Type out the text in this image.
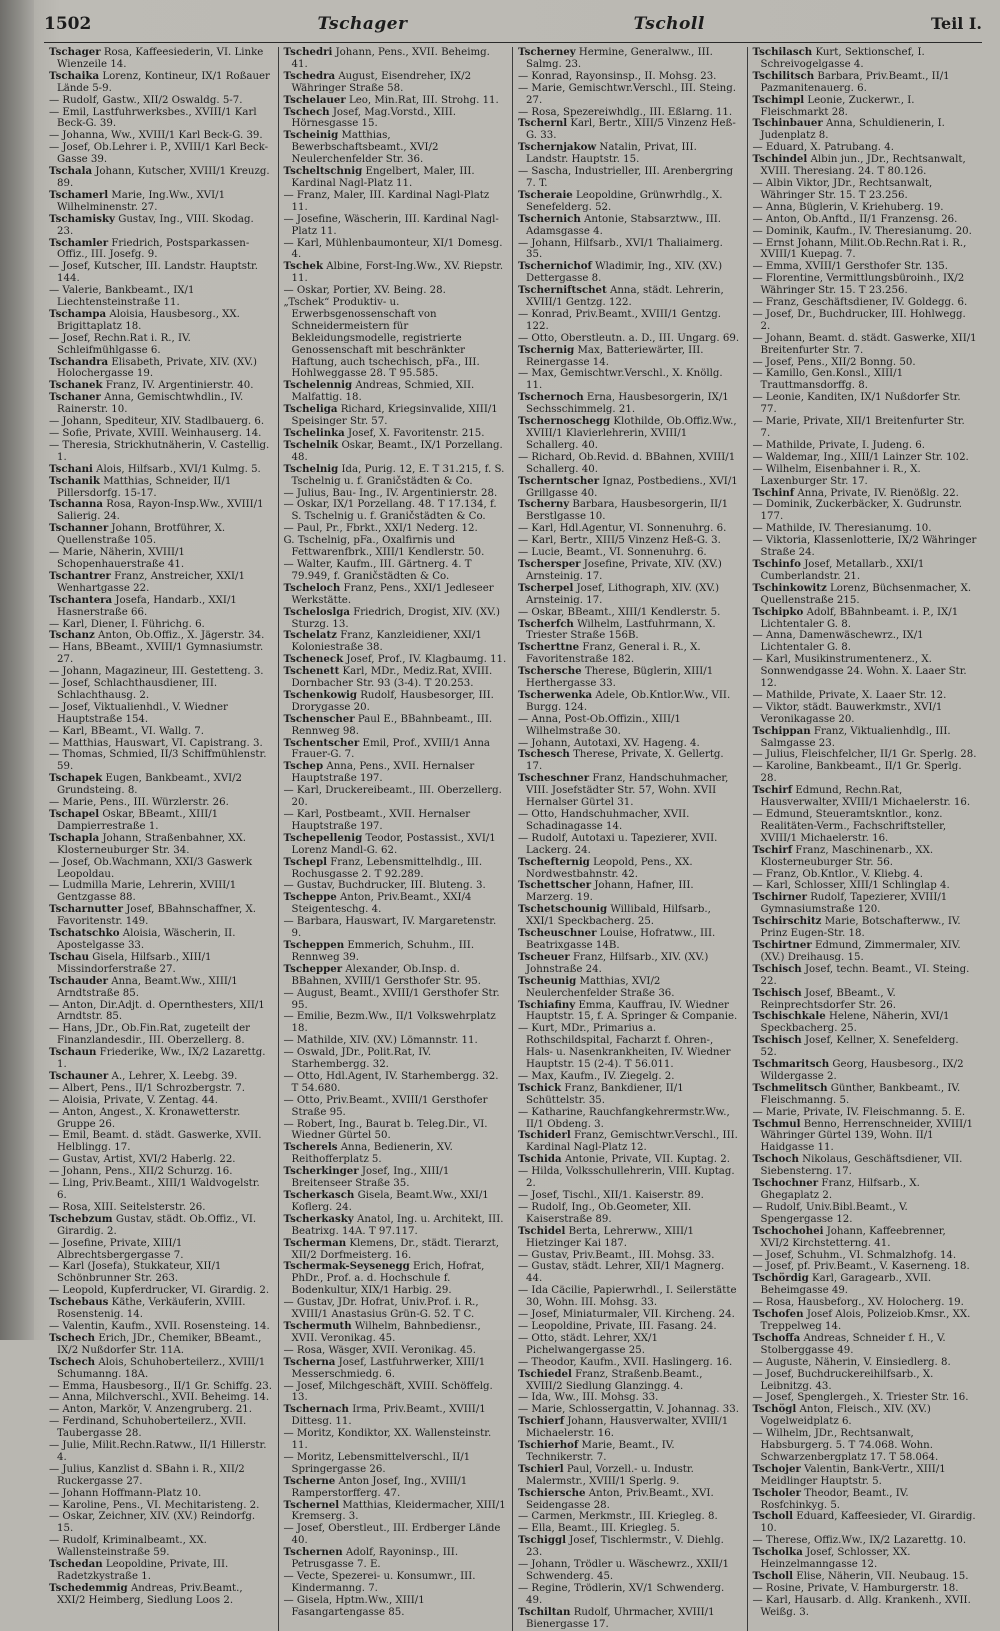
1502	Tschager	Tscholl	Teil I.

Tschager Rosa, Kaffeesiederin, VI. Linke Wienzeile 14.

Tschaika Lorenz, Kontineur, IX/1 Roßauer Lände 5-9.

— Rudolf, Gastw., XII/2 Oswaldg. 5-7.

— Emil, Lastfuhrwerksbes., XVIII/1 Karl Beck-G. 39.

— Johanna, Ww., XVIII/1 Karl Beck-G. 39.

— Josef, Ob.Lehrer i. P., XVIII/1 Karl Beck-Gasse 39.

Tschala Johann, Kutscher, XVIII/1 Kreuzg. 89.

Tschamerl Marie, Ing.Ww., XVI/1 Wilhelminenstr. 27.

Tschamisky Gustav, Ing., VIII. Skodag. 23.

Tschamler Friedrich, Postsparkassen-Offiz., III. Josefg. 9.

— Josef, Kutscher, III. Landstr. Hauptstr. 144.

— Valerie, Bankbeamt., IX/1 Liechtensteinstraße 11.

Tschampa Aloisia, Hausbesorg., XX. Brigittaplatz 18.

— Josef, Rechn.Rat i. R., IV. Schleifmühlgasse 6.

Tschandra Elisabeth, Private, XIV. (XV.) Holochergasse 19.

Tschanek Franz, IV. Argentinierstr. 40.

Tschaner Anna, Gemischtwhdlin., IV. Rainerstr. 10.

— Johann, Spediteur, XIV. Stadlbauerg. 6.

— Sofie, Private, XVIII. Weinhauserg. 14.

— Theresia, Strickhutnäherin, V. Castellig. 1.

Tschani Alois, Hilfsarb., XVI/1 Kulmg. 5.

Tschanik Matthias, Schneider, II/1 Pillersdorfg. 15-17.

Tschanna Rosa, Rayon-Insp.Ww., XVIII/1 Salierig. 24.

Tschanner Johann, Brotführer, X. Quellenstraße 105.

— Marie, Näherin, XVIII/1 Schopenhauerstraße 41.

Tschantrer Franz, Anstreicher, XXI/1 Wenhartgasse 22.

Tschantera Josefa, Handarb., XXI/1 Hasnerstraße 66.

— Karl, Diener, I. Führichg. 6.

Tschanz Anton, Ob.Offiz., X. Jägerstr. 34.

— Hans, BBeamt., XVIII/1 Gymnasiumstr. 27.

— Johann, Magazineur, III. Gestetteng. 3.

— Josef, Schlachthausdiener, III. Schlachthausg. 2.

— Josef, Viktualienhdl., V. Wiedner Hauptstraße 154.

— Karl, BBeamt., VI. Wallg. 7.

— Matthias, Hauswart, VI. Capistrang. 3.

— Thomas, Schmied, II/3 Schiffmühlenstr. 59.

Tschapek Eugen, Bankbeamt., XVI/2 Grundsteing. 8.

— Marie, Pens., III. Würzlerstr. 26.

Tschapel Oskar, BBeamt., XIII/1 Dampierrestraße 1.

Tschapla Johann, Straßenbahner, XX. Klosterneuburger Str. 34.

— Josef, Ob.Wachmann, XXI/3 Gaswerk Leopoldau.

— Ludmilla Marie, Lehrerin, XVIII/1 Gentzgasse 88.

Tscharnutter Josef, BBahnschaffner, X. Favoritenstr. 149.

Tschatschko Aloisia, Wäscherin, II. Apostelgasse 33.

Tschau Gisela, Hilfsarb., XIII/1 Missindorferstraße 27.

Tschauder Anna, Beamt.Ww., XIII/1 Arndtstraße 85.

— Anton, Dir.Adjt. d. Opernthesters, XII/1 Arndtstr. 85.

— Hans, JDr., Ob.Fin.Rat, zugeteilt der Finanzlandesdir., III. Oberzellerg. 8.

Tschaun Friederike, Ww., IX/2 Lazarettg. 1.

Tschauner A., Lehrer, X. Leebg. 39.

— Albert, Pens., II/1 Schrozbergstr. 7.

— Aloisia, Private, V. Zentag. 44.

— Anton, Angest., X. Kronawetterstr. Gruppe 26.

— Emil, Beamt. d. städt. Gaswerke, XVII. Helblingg. 17.

— Gustav, Artist, XVI/2 Haberlg. 22.

— Johann, Pens., XII/2 Schurzg. 16.

— Ling, Priv.Beamt., XIII/1 Waldvogelstr. 6.

— Rosa, XIII. Seitelsterstr. 26.

Tschebzum Gustav, städt. Ob.Offiz., VI. Girardig. 2.

— Josefine, Private, XIII/1 Albrechtsbergergasse 7.

— Karl (Josefa), Stukkateur, XII/1 Schönbrunner Str. 263.

— Leopold, Kupferdrucker, VI. Girardig. 2.

Tschebaus Käthe, Verkäuferin, XVIII. Rosenstenig. 14.

— Valentin, Kaufm., XVII. Rosensteing. 14.

Tschech Erich, JDr., Chemiker, BBeamt., IX/2 Nußdorfer Str. 11A.

Tschech Alois, Schuhoberteilerz., XVIII/1 Schumanng. 18A.

— Emma, Hausbesorg., II/1 Gr. Schiffg. 23.

— Anna, Milchverschl., XVII. Beheimg. 14.

— Anton, Markör, V. Anzengruberg. 21.

— Ferdinand, Schuhoberteilerz., XVII. Taubergasse 28.

— Julie, Milit.Rechn.Ratww., II/1 Hillerstr. 4.

— Julius, Kanzlist d. SBahn i. R., XII/2 Ruckergasse 27.

— Johann Hoffmann-Platz 10.

— Karoline, Pens., VI. Mechitaristeng. 2.

— Oskar, Zeichner, XIV. (XV.) Reindorfg. 15.

— Rudolf, Kriminalbeamt., XX. Wallensteinstraße 59.

Tschedan Leopoldine, Private, III. Radetzkystraße 1.

Tschedemmig Andreas, Priv.Beamt., XXI/2 Heimberg, Siedlung Loos 2.

Tschedri Johann, Pens., XVII. Beheimg. 41.

Tschedra August, Eisendreher, IX/2 Währinger Straße 58.

Tschelauer Leo, Min.Rat, III. Strohg. 11.

Tschech Josef, Mag.Vorstd., XIII. Hörnesgasse 15.

Tscheinig Matthias, Bewerbschaftsbeamt., XVI/2 Neulerchenfelder Str. 36.

Tscheltschnig Engelbert, Maler, III. Kardinal Nagl-Platz 11.

— Franz, Maler, III. Kardinal Nagl-Platz 11.

— Josefine, Wäscherin, III. Kardinal Nagl-Platz 11.

— Karl, Mühlenbaumonteur, XI/1 Domesg. 4.

Tschek Albine, Forst-Ing.Ww., XV. Riepstr. 11.

— Oskar, Portier, XV. Being. 28.

„Tschek“ Produktiv- u. Erwerbsgenossenschaft von Schneidermeistern für Bekleidungsmodelle, registrierte Genossenschaft mit beschränkter Haftung, auch tschechisch, pFa., III. Hohlweggasse 28. T 95.585.

Tschelennig Andreas, Schmied, XII. Malfattig. 18.

Tscheliga Richard, Kriegsinvalide, XIII/1 Speisinger Str. 57.

Tschelinka Josef, X. Favoritenstr. 215.

Tschelnik Oskar, Beamt., IX/1 Porzellang. 48.

Tschelnig Ida, Purig. 12, E. T 31.215, f. S. Tschelnig u. f. Graničstädten & Co.

— Julius, Bau- Ing., IV. Argentinierstr. 28.

— Oskar, IX/1 Porzellang. 48. T 17.134, f. S. Tschelnig u. f. Graničstädten & Co.

— Paul, Pr., Fbrkt., XXI/1 Nederg. 12.

G. Tschelnig, pFa., Oxalfirnis und Fettwarenfbrk., XIII/1 Kendlerstr. 50.

— Walter, Kaufm., III. Gärtnerg. 4. T 79.949, f. Graničstädten & Co.

Tscheloch Franz, Pens., XXI/1 Jedleseer Werkstätte.

Tscheloslga Friedrich, Drogist, XIV. (XV.) Sturzg. 13.

Tschelatz Franz, Kanzleidiener, XXI/1 Koloniestraße 38.

Tscheneck Josef, Prof., IV. Klagbaumg. 11.

Tschenett Karl, MDr., Mediz.Rat, XVIII. Dornbacher Str. 93 (3-4). T 20.253.

Tschenkowig Rudolf, Hausbesorger, III. Drorygasse 20.

Tschenscher Paul E., BBahnbeamt., III. Rennweg 98.

Tschentscher Emil, Prof., XVIII/1 Anna Frauer-G. 7.

Tschep Anna, Pens., XVII. Hernalser Hauptstraße 197.

— Karl, Druckereibeamt., III. Oberzellerg. 20.

— Karl, Postbeamt., XVII. Hernalser Hauptstraße 197.

Tschepellenig Teodor, Postassist., XVI/1 Lorenz Mandl-G. 62.

Tschepl Franz, Lebensmittelhdlg., III. Rochusgasse 2. T 92.289.

— Gustav, Buchdrucker, III. Bluteng. 3.

Tscheppe Anton, Priv.Beamt., XXI/4 Steigenteschg. 4.

— Barbara, Hauswart, IV. Margaretenstr. 9.

Tscheppen Emmerich, Schuhm., III. Rennweg 39.

Tschepper Alexander, Ob.Insp. d. BBahnen, XVIII/1 Gersthofer Str. 95.

— August, Beamt., XVIII/1 Gersthofer Str. 95.

— Emilie, Bezm.Ww., II/1 Volkswehrplatz 18.

— Mathilde, XIV. (XV.) Lömannstr. 11.

— Oswald, JDr., Polit.Rat, IV. Starhembergg. 32.

— Otto, Hdl.Agent, IV. Starhembergg. 32. T 54.680.

— Otto, Priv.Beamt., XVIII/1 Gersthofer Straße 95.

— Robert, Ing., Baurat b. Teleg.Dir., VI. Wiedner Gürtel 50.

Tscherels Anna, Bedienerin, XV. Reithofferplatz 5.

Tscherkinger Josef, Ing., XIII/1 Breitenseer Straße 35.

Tscherkasch Gisela, Beamt.Ww., XXI/1 Koflerg. 24.

Tscherkasky Anatol, Ing. u. Architekt, III. Beatrixg. 14A. T 97.117.

Tscherman Klemens, Dr., städt. Tierarzt, XII/2 Dorfmeisterg. 16.

Tschermak-Seysenegg Erich, Hofrat, PhDr., Prof. a. d. Hochschule f. Bodenkultur, XIX/1 Harbig. 29.

— Gustav, JDr. Hofrat, Univ.Prof. i. R., XVIII/1 Anastasius Grün-G. 52. T C.

Tschermuth Wilhelm, Bahnbediensr., XVII. Veronikag. 45.

— Rosa, Wäsger, XVII. Veronikag. 45.

Tscherna Josef, Lastfuhrwerker, XIII/1 Messerschmiedg. 6.

— Josef, Milchgeschäft, XVIII. Schöffelg. 13.

Tschernach Irma, Priv.Beamt., XVIII/1 Dittesg. 11.

— Moritz, Kondiktor, XX. Wallensteinstr. 11.

— Moritz, Lebensmittelverschl., II/1 Springergasse 26.

Tscherne Anton Josef, Ing., XVIII/1 Ramperstorfferg. 47.

Tschernel Matthias, Kleidermacher, XIII/1 Kremserg. 3.

— Josef, Oberstleut., III. Erdberger Lände 40.

Tschernen Adolf, Rayoninsp., III. Petrusgasse 7. E.

— Vecte, Spezerei- u. Konsumwr., III. Kindermanng. 7.

— Gisela, Hptm.Ww., XIII/1 Fasangartengasse 85.

Tscherney Hermine, Generalww., III. Salmg. 23.

— Konrad, Rayonsinsp., II. Mohsg. 23.

— Marie, Gemischtwr.Verschl., III. Steing. 27.

— Rosa, Spezereiwhdlg., III. Eßlarng. 11.

Tschernl Karl, Bertr., XIII/5 Vinzenz Heß-G. 33.

Tschernjakow Natalin, Privat, III. Landstr. Hauptstr. 15.

— Sascha, Industrieller, III. Arenbergring 7. T.

Tscheraie Leopoldine, Grünwrhdlg., X. Senefelderg. 52.

Tschernich Antonie, Stabsarztww., III. Adamsgasse 4.

— Johann, Hilfsarb., XVI/1 Thaliaimerg. 35.

Tschernichof Wladimir, Ing., XIV. (XV.) Dettergasse 8.

Tscherniftschet Anna, städt. Lehrerin, XVIII/1 Gentzg. 122.

— Konrad, Priv.Beamt., XVIII/1 Gentzg. 122.

— Otto, Oberstleutn. a. D., III. Ungarg. 69.

Tschernig Max, Batteriewärter, III. Reinergasse 14.

— Max, Gemischtwr.Verschl., X. Knöllg. 11.

Tschernoch Erna, Hausbesorgerin, IX/1 Sechsschimmelg. 21.

Tschernoschegg Klothilde, Ob.Offiz.Ww., XVIII/1 Klavierlehrerin, XVIII/1 Schallerg. 40.

— Richard, Ob.Revid. d. BBahnen, XVIII/1 Schallerg. 40.

Tscherntscher Ignaz, Postbediens., XVI/1 Grillgasse 40.

Tscherny Barbara, Hausbesorgerin, II/1 Berstlgasse 10.

— Karl, Hdl.Agentur, VI. Sonnenuhrg. 6.

— Karl, Bertr., XIII/5 Vinzenz Heß-G. 3.

— Lucie, Beamt., VI. Sonnenuhrg. 6.

Tschersper Josefine, Private, XIV. (XV.) Arnsteinig. 17.

Tscherpel Josef, Lithograph, XIV. (XV.) Arnsteinig. 17.

— Oskar, BBeamt., XIII/1 Kendlerstr. 5.

Tscherfch Wilhelm, Lastfuhrmann, X. Triester Straße 156B.

Tscherttne Franz, General i. R., X. Favoritenstraße 182.

Tschersche Therese, Büglerin, XIII/1 Herthergasse 33.

Tscherwenka Adele, Ob.Kntlor.Ww., VII. Burgg. 124.

— Anna, Post-Ob.Offizin., XIII/1 Wilhelmstraße 30.

— Johann, Autotaxi, XV. Hageng. 4.

Tschesch Therese, Private, X. Gellertg. 17.

Tscheschner Franz, Handschuhmacher, VIII. Josefstädter Str. 57, Wohn. XVII Hernalser Gürtel 31.

— Otto, Handschuhmacher, XVII. Schadinagasse 14.

— Rudolf, Autotaxi u. Tapezierer, XVII. Lackerg. 24.

Tschefternig Leopold, Pens., XX. Nordwestbahnstr. 42.

Tschettscher Johann, Hafner, III. Marzerg. 19.

Tschetschounig Willibald, Hilfsarb., XXI/1 Speckbacherg. 25.

Tscheuschner Louise, Hofratww., III. Beatrixgasse 14B.

Tscheuer Franz, Hilfsarb., XIV. (XV.) Johnstraße 24.

Tscheunig Matthias, XVI/2 Neulerchenfelder Straße 36.

Tschiafiny Emma, Kauffrau, IV. Wiedner Hauptstr. 15, f. A. Springer & Companie.

— Kurt, MDr., Primarius a. Rothschildspital, Facharzt f. Ohren-, Hals- u. Nasenkrankheiten, IV. Wiedner Hauptstr. 15 (2-4). T 56.011.

— Max, Kaufm., IV. Ziegelg. 2.

Tschick Franz, Bankdiener, II/1 Schüttelstr. 35.

— Katharine, Rauchfangkehrermstr.Ww., II/1 Obdeng. 3.

Tschiderl Franz, Gemischtwr.Verschl., III. Kardinal Nagl-Platz 12.

Tschida Antonie, Private, VII. Kuptag. 2.

— Hilda, Volksschullehrerin, VIII. Kuptag. 2.

— Josef, Tischl., XII/1. Kaiserstr. 89.

— Rudolf, Ing., Ob.Geometer, XII. Kaiserstraße 89.

Tschidel Berta, Lehrerww., XIII/1 Hietzinger Kai 187.

— Gustav, Priv.Beamt., III. Mohsg. 33.

— Gustav, städt. Lehrer, XII/1 Magnerg. 44.

— Ida Cäcilie, Papierwrhdl., I. Seilerstätte 30, Wohn. III. Mohsg. 33.

— Josef, Miniaturmaler, VII. Kircheng. 24.

— Leopoldine, Private, III. Fasang. 24.

— Otto, städt. Lehrer, XX/1 Pichelwangergasse 25.

— Theodor, Kaufm., XVII. Haslingerg. 16.

Tschiedel Franz, Straßenb.Beamt., XVIII/2 Siedlung Glanzingg. 4.

— Ida, Ww., III. Mohsg. 33.

— Marie, Schlossergattin, V. Johannag. 33.

Tschierf Johann, Hausverwalter, XVIII/1 Michaelerstr. 16.

Tschierhof Marie, Beamt., IV. Technikerstr. 7.

Tschierl Paul, Vorzell.- u. Industr. Malermstr., XVIII/1 Sperlg. 9.

Tschiersche Anton, Priv.Beamt., XVI. Seidengasse 28.

— Carmen, Merkmstr., III. Kriegleg. 8.

— Ella, Beamt., III. Kriegleg. 5.

Tschiggl Josef, Tischlermstr., V. Diehlg. 23.

— Johann, Trödler u. Wäschewrz., XXII/1 Schwenderg. 45.

— Regine, Trödlerin, XV/1 Schwenderg. 49.

Tschiltan Rudolf, Uhrmacher, XVIII/1 Bienergasse 17.

Tschilasch Kurt, Sektionschef, I. Schreivogelgasse 4.

Tschilitsch Barbara, Priv.Beamt., II/1 Pazmanitenauerg. 6.

Tschimpl Leonie, Zuckerwr., I. Fleischmarkt 28.

Tschinbauer Anna, Schuldienerin, I. Judenplatz 8.

— Eduard, X. Patrubang. 4.

Tschindel Albin jun., JDr., Rechtsanwalt, XVIII. Theresiang. 24. T 80.126.

— Albin Viktor, JDr., Rechtsanwalt, Währinger Str. 15. T 23.256.

— Anna, Büglerin, V. Kriehuberg. 19.

— Anton, Ob.Anftd., II/1 Franzensg. 26.

— Dominik, Kaufm., IV. Theresianumg. 20.

— Ernst Johann, Milit.Ob.Rechn.Rat i. R., XVIII/1 Kuepag. 7.

— Emma, XVIII/1 Gersthofer Str. 135.

— Florentine, Vermittlungsbüroinh., IX/2 Währinger Str. 15. T 23.256.

— Franz, Geschäftsdiener, IV. Goldegg. 6.

— Josef, Dr., Buchdrucker, III. Hohlwegg. 2.

— Johann, Beamt. d. städt. Gaswerke, XII/1 Breitenfurter Str. 7.

— Josef, Pens., XII/2 Bonng. 50.

— Kamillo, Gen.Konsl., XIII/1 Trauttmansdorffg. 8.

— Leonie, Kanditen, IX/1 Nußdorfer Str. 77.

— Marie, Private, XII/1 Breitenfurter Str. 7.

— Mathilde, Private, I. Judeng. 6.

— Waldemar, Ing., XIII/1 Lainzer Str. 102.

— Wilhelm, Eisenbahner i. R., X. Laxenburger Str. 17.

Tschinf Anna, Private, IV. Rienößlg. 22.

— Dominik, Zuckerbäcker, X. Gudrunstr. 177.

— Mathilde, IV. Theresianumg. 10.

— Viktoria, Klassenlotterie, IX/2 Währinger Straße 24.

Tschinfo Josef, Metallarb., XXI/1 Cumberlandstr. 21.

Tschinkowitz Lorenz, Büchsenmacher, X. Quellenstraße 215.

Tschipko Adolf, BBahnbeamt. i. P., IX/1 Lichtentaler G. 8.

— Anna, Damenwäschewrz., IX/1 Lichtentaler G. 8.

— Karl, Musikinstrumentenerz., X. Sonnwendgasse 24. Wohn. X. Laaer Str. 12.

— Mathilde, Private, X. Laaer Str. 12.

— Viktor, städt. Bauwerkmstr., XVI/1 Veronikagasse 20.

Tschippan Franz, Viktualienhdlg., III. Salmgasse 23.

— Julius, Fleischfelcher, II/1 Gr. Sperlg. 28.

— Karoline, Bankbeamt., II/1 Gr. Sperlg. 28.

Tschirf Edmund, Rechn.Rat, Hausverwalter, XVIII/1 Michaelerstr. 16.

— Edmund, Steueramtskntlor., konz. Realitäten-Verm., Fachschriftsteller, XVIII/1 Michaelerstr. 16.

Tschirf Franz, Maschinenarb., XX. Klosterneuburger Str. 56.

— Franz, Ob.Kntlor., V. Kliebg. 4.

— Karl, Schlosser, XIII/1 Schlinglap 4.

Tschirner Rudolf, Tapezierer, XVIII/1 Gymnasiumstraße 120.

Tschirschitz Marie, Botschafterww., IV. Prinz Eugen-Str. 18.

Tschirtner Edmund, Zimmermaler, XIV. (XV.) Dreihausg. 15.

Tschisch Josef, techn. Beamt., VI. Steing. 22.

Tschisch Josef, BBeamt., V. Reinprechtsdorfer Str. 26.

Tschischkale Helene, Näherin, XVI/1 Speckbacherg. 25.

Tschisch Josef, Kellner, X. Senefelderg. 52.

Tschmaritsch Georg, Hausbesorg., IX/2 Wildergasse 2.

Tschmelitsch Günther, Bankbeamt., IV. Fleischmanng. 5.

— Marie, Private, IV. Fleischmanng. 5. E.

Tschmul Benno, Herrenschneider, XVIII/1 Währinger Gürtel 139, Wohn. II/1 Haidgasse 11.

Tschoch Nikolaus, Geschäftsdiener, VII. Siebensterng. 17.

Tschochner Franz, Hilfsarb., X. Ghegaplatz 2.

— Rudolf, Univ.Bibl.Beamt., V. Spengergasse 12.

Tschochohei Johann, Kaffeebrenner, XVI/2 Kirchstetterng. 41.

— Josef, Schuhm., VI. Schmalzhofg. 14.

— Josef, pf. Priv.Beamt., V. Kaserneng. 18.

Tschördig Karl, Garagearb., XVII. Beheimgasse 49.

— Rosa, Hausbeforg., XV. Holocherg. 19.

Tschofen Josef Alois, Polizeiob.Kmsr., XX. Treppelweg 14.

Tschoffa Andreas, Schneider f. H., V. Stolberggasse 49.

— Auguste, Näherin, V. Einsiedlerg. 8.

— Josef, Buchdruckereihilfsarb., X. Leibnitzg. 43.

— Josef, Spenglergeh., X. Triester Str. 16.

Tschögl Anton, Fleisch., XIV. (XV.) Vogelweidplatz 6.

— Wilhelm, JDr., Rechtsanwalt, Habsburgerg. 5. T 74.068. Wohn. Schwarzenbergplatz 17. T 58.064.

Tschojer Valentin, Bank-Vertr., XIII/1 Meidlinger Hauptstr. 5.

Tscholer Theodor, Beamt., IV. Rosfchinkyg. 5.

Tscholl Eduard, Kaffeesieder, VI. Girardig. 10.

— Therese, Offiz.Ww., IX/2 Lazarettg. 10.

Tscholka Josef, Schlosser, XX. Heinzelmanngasse 12.

Tscholl Elise, Näherin, VII. Neubaug. 15.

— Rosine, Private, V. Hamburgerstr. 18.

— Karl, Hausarb. d. Allg. Krankenh., XVII. Weißg. 3.
